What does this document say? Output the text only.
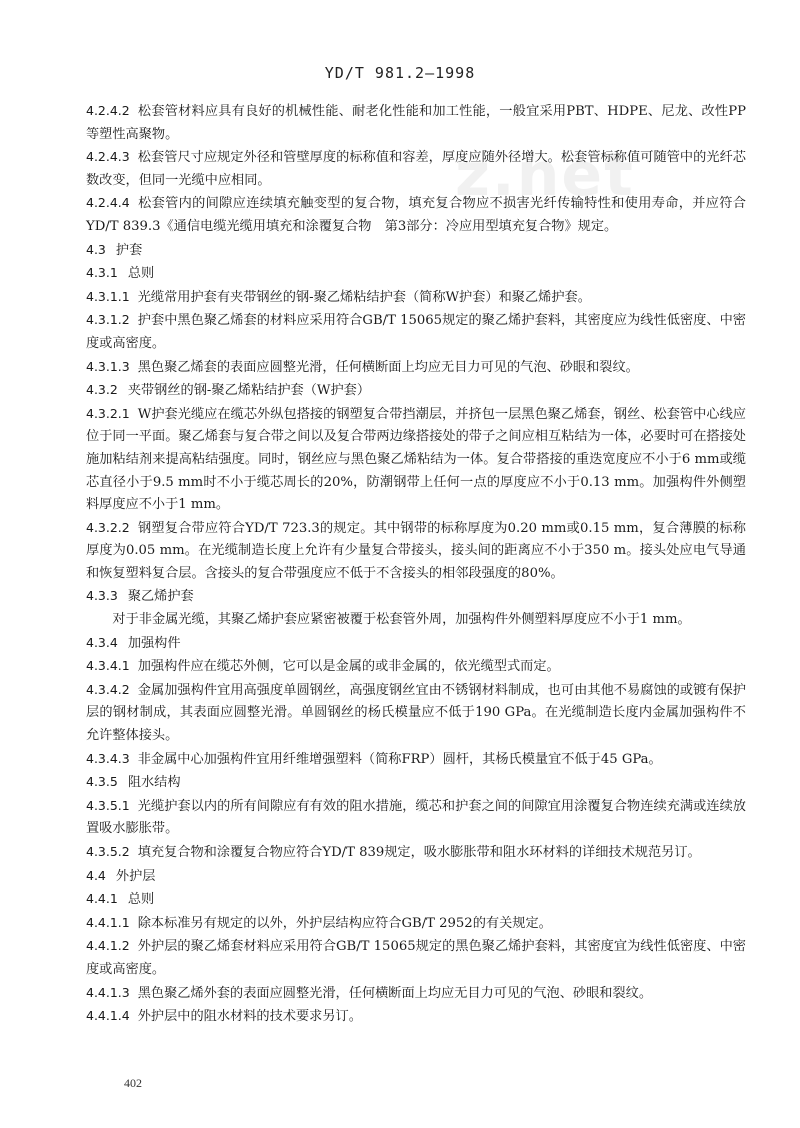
YD/T 981.2—1998
z.net

4.2.4.2 松套管材料应具有良好的机械性能、耐老化性能和加工性能，一般宜采用PBT、HDPE、尼龙、改性PP等塑性高聚物。

4.2.4.3 松套管尺寸应规定外径和管壁厚度的标称值和容差，厚度应随外径增大。松套管标称值可随管中的光纤芯数改变，但同一光缆中应相同。

4.2.4.4 松套管内的间隙应连续填充触变型的复合物，填充复合物应不损害光纤传输特性和使用寿命，并应符合YD/T 839.3《通信电缆光缆用填充和涂覆复合物　第3部分：冷应用型填充复合物》规定。

4.3 护套

4.3.1 总则

4.3.1.1 光缆常用护套有夹带钢丝的钢-聚乙烯粘结护套（简称W护套）和聚乙烯护套。

4.3.1.2 护套中黑色聚乙烯套的材料应采用符合GB/T 15065规定的聚乙烯护套料，其密度应为线性低密度、中密度或高密度。

4.3.1.3 黑色聚乙烯套的表面应圆整光滑，任何横断面上均应无目力可见的气泡、砂眼和裂纹。

4.3.2 夹带钢丝的钢-聚乙烯粘结护套（W护套）

4.3.2.1 W护套光缆应在缆芯外纵包搭接的钢塑复合带挡潮层，并挤包一层黑色聚乙烯套，钢丝、松套管中心线应位于同一平面。聚乙烯套与复合带之间以及复合带两边缘搭接处的带子之间应相互粘结为一体，必要时可在搭接处施加粘结剂来提高粘结强度。同时，钢丝应与黑色聚乙烯粘结为一体。复合带搭接的重迭宽度应不小于6 mm或缆芯直径小于9.5 mm时不小于缆芯周长的20%，防潮钢带上任何一点的厚度应不小于0.13 mm。加强构件外侧塑料厚度应不小于1 mm。

4.3.2.2 钢塑复合带应符合YD/T 723.3的规定。其中钢带的标称厚度为0.20 mm或0.15 mm，复合薄膜的标称厚度为0.05 mm。在光缆制造长度上允许有少量复合带接头，接头间的距离应不小于350 m。接头处应电气导通和恢复塑料复合层。含接头的复合带强度应不低于不含接头的相邻段强度的80%。

4.3.3 聚乙烯护套

对于非金属光缆，其聚乙烯护套应紧密被覆于松套管外周，加强构件外侧塑料厚度应不小于1 mm。

4.3.4 加强构件

4.3.4.1 加强构件应在缆芯外侧，它可以是金属的或非金属的，依光缆型式而定。

4.3.4.2 金属加强构件宜用高强度单圆钢丝，高强度钢丝宜由不锈钢材料制成，也可由其他不易腐蚀的或镀有保护层的钢材制成，其表面应圆整光滑。单圆钢丝的杨氏模量应不低于190 GPa。在光缆制造长度内金属加强构件不允许整体接头。

4.3.4.3 非金属中心加强构件宜用纤维增强塑料（简称FRP）圆杆，其杨氏模量宜不低于45 GPa。

4.3.5 阻水结构

4.3.5.1 光缆护套以内的所有间隙应有有效的阻水措施，缆芯和护套之间的间隙宜用涂覆复合物连续充满或连续放置吸水膨胀带。

4.3.5.2 填充复合物和涂覆复合物应符合YD/T 839规定，吸水膨胀带和阻水环材料的详细技术规范另订。

4.4 外护层

4.4.1 总则

4.4.1.1 除本标准另有规定的以外，外护层结构应符合GB/T 2952的有关规定。

4.4.1.2 外护层的聚乙烯套材料应采用符合GB/T 15065规定的黑色聚乙烯护套料，其密度宜为线性低密度、中密度或高密度。

4.4.1.3 黑色聚乙烯外套的表面应圆整光滑，任何横断面上均应无目力可见的气泡、砂眼和裂纹。

4.4.1.4 外护层中的阻水材料的技术要求另订。

402
